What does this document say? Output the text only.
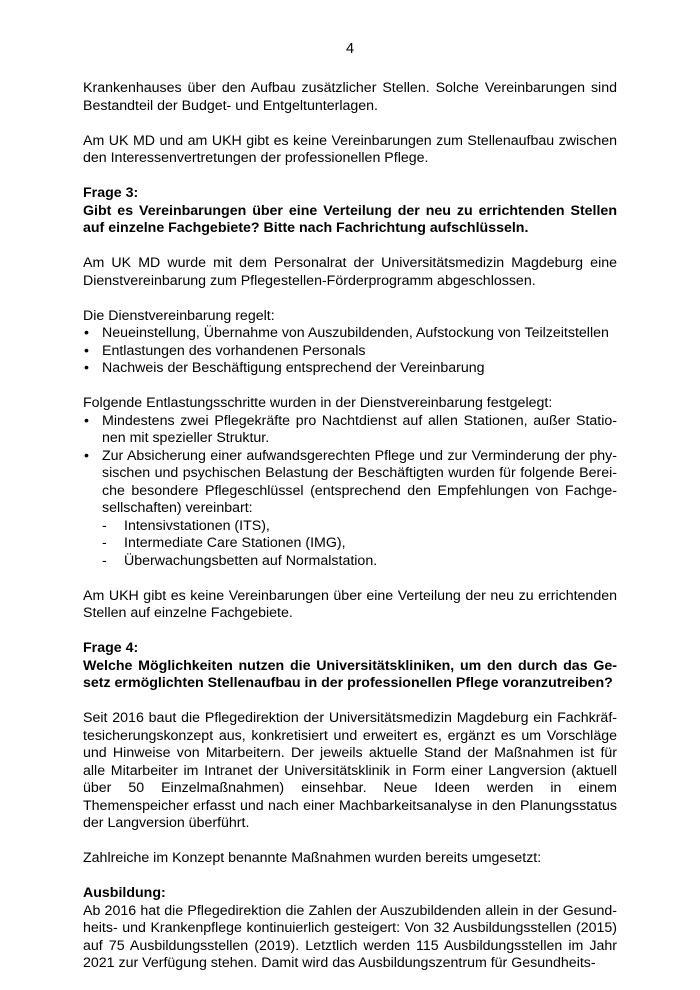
4

Krankenhauses über den Aufbau zusätzlicher Stellen. Solche Vereinbarungen sind Bestandteil der Budget- und Entgeltunterlagen.

Am UK MD und am UKH gibt es keine Vereinbarungen zum Stellenaufbau zwischen den Interessenvertretungen der professionellen Pflege.

Frage 3:

Gibt es Vereinbarungen über eine Verteilung der neu zu errichtenden Stellen auf einzelne Fachgebiete? Bitte nach Fachrichtung aufschlüsseln.

Am UK MD wurde mit dem Personalrat der Universitätsmedizin Magdeburg eine Dienstvereinbarung zum Pflegestellen-Förderprogramm abgeschlossen.

Die Dienstvereinbarung regelt:

• Neueinstellung, Übernahme von Auszubildenden, Aufstockung von Teilzeitstellen
• Entlastungen des vorhandenen Personals
• Nachweis der Beschäftigung entsprechend der Vereinbarung

Folgende Entlastungsschritte wurden in der Dienstvereinbarung festgelegt:

• Mindestens zwei Pflegekräfte pro Nachtdienst auf allen Stationen, außer Stationen mit spezieller Struktur.
• Zur Absicherung einer aufwandsgerechten Pflege und zur Verminderung der physischen und psychischen Belastung der Beschäftigten wurden für folgende Bereiche besondere Pflegeschlüssel (entsprechend den Empfehlungen von Fachgesellschaften) vereinbart:
- Intensivstationen (ITS),
- Intermediate Care Stationen (IMG),
- Überwachungsbetten auf Normalstation.

Am UKH gibt es keine Vereinbarungen über eine Verteilung der neu zu errichtenden Stellen auf einzelne Fachgebiete.

Frage 4:

Welche Möglichkeiten nutzen die Universitätskliniken, um den durch das Gesetz ermöglichten Stellenaufbau in der professionellen Pflege voranzutreiben?

Seit 2016 baut die Pflegedirektion der Universitätsmedizin Magdeburg ein Fachkräftesicherungskonzept aus, konkretisiert und erweitert es, ergänzt es um Vorschläge und Hinweise von Mitarbeitern. Der jeweils aktuelle Stand der Maßnahmen ist für alle Mitarbeiter im Intranet der Universitätsklinik in Form einer Langversion (aktuell über 50 Einzelmaßnahmen) einsehbar. Neue Ideen werden in einem Themenspeicher erfasst und nach einer Machbarkeitsanalyse in den Planungsstatus der Langversion überführt.

Zahlreiche im Konzept benannte Maßnahmen wurden bereits umgesetzt:

Ausbildung:

Ab 2016 hat die Pflegedirektion die Zahlen der Auszubildenden allein in der Gesundheits- und Krankenpflege kontinuierlich gesteigert: Von 32 Ausbildungsstellen (2015) auf 75 Ausbildungsstellen (2019). Letztlich werden 115 Ausbildungsstellen im Jahr 2021 zur Verfügung stehen. Damit wird das Ausbildungszentrum für Gesundheits-
